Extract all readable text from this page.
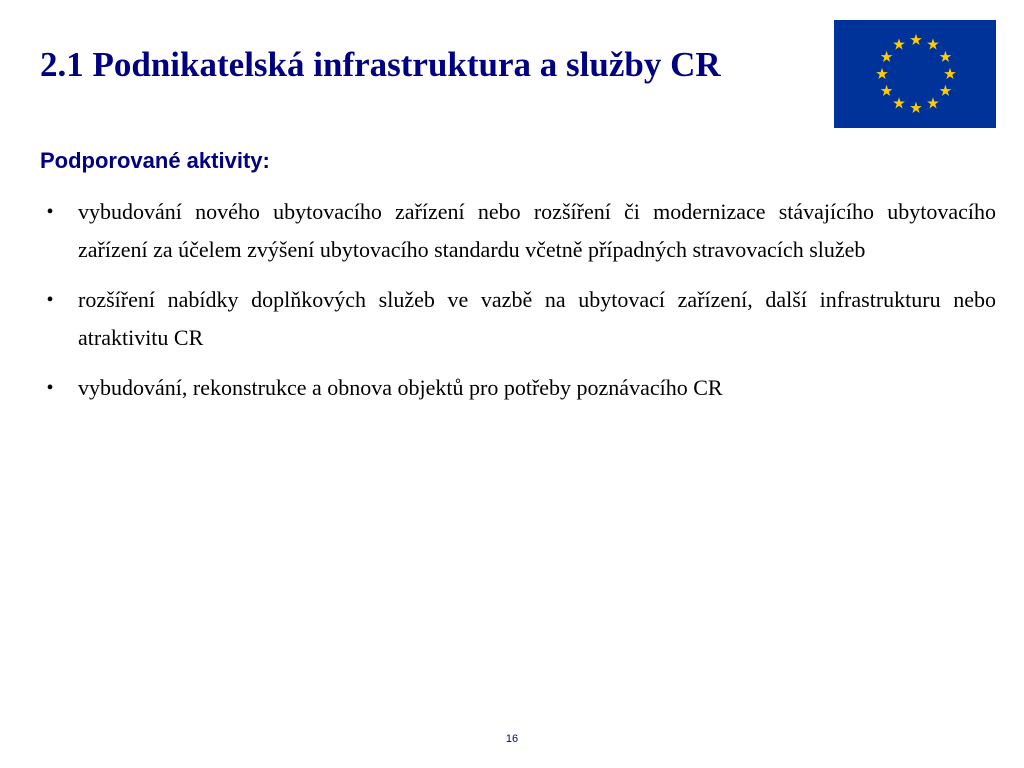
2.1 Podnikatelská infrastruktura a služby CR
Podporované aktivity:
• vybudování nového ubytovacího zařízení nebo rozšíření či modernizace stávajícího ubytovacího zařízení za účelem zvýšení ubytovacího standardu včetně případných stravovacích služeb
• rozšíření nabídky doplňkových služeb ve vazbě na ubytovací zařízení, další infrastrukturu nebo atraktivitu CR
• vybudování, rekonstrukce a obnova objektů pro potřeby poznávacího CR
16
